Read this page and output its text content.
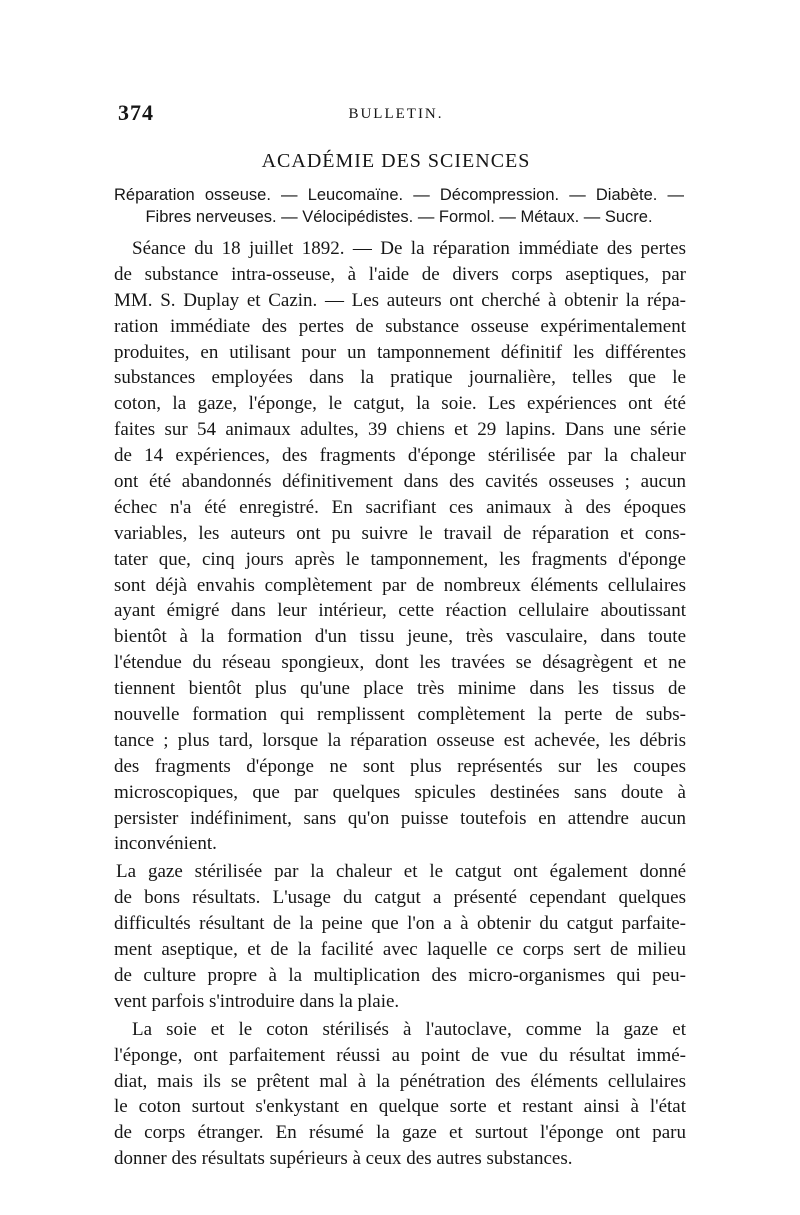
374	BULLETIN.
ACADÉMIE DES SCIENCES
Réparation osseuse. — Leucomaïne. — Décompression. — Diabète. —
Fibres nerveuses. — Vélocipédistes. — Formol. — Métaux. — Sucre.
Séance du 18 juillet 1892. — De la réparation immédiate des pertes
de substance intra-osseuse, à l'aide de divers corps aseptiques, par
MM. S. Duplay et Cazin. — Les auteurs ont cherché à obtenir la répa-
ration immédiate des pertes de substance osseuse expérimentalement
produites, en utilisant pour un tamponnement définitif les différentes
substances employées dans la pratique journalière, telles que le
coton, la gaze, l'éponge, le catgut, la soie. Les expériences ont été
faites sur 54 animaux adultes, 39 chiens et 29 lapins. Dans une série
de 14 expériences, des fragments d'éponge stérilisée par la chaleur
ont été abandonnés définitivement dans des cavités osseuses ; aucun
échec n'a été enregistré. En sacrifiant ces animaux à des époques
variables, les auteurs ont pu suivre le travail de réparation et cons-
tater que, cinq jours après le tamponnement, les fragments d'éponge
sont déjà envahis complètement par de nombreux éléments cellulaires
ayant émigré dans leur intérieur, cette réaction cellulaire aboutissant
bientôt à la formation d'un tissu jeune, très vasculaire, dans toute
l'étendue du réseau spongieux, dont les travées se désagrègent et ne
tiennent bientôt plus qu'une place très minime dans les tissus de
nouvelle formation qui remplissent complètement la perte de subs-
tance ; plus tard, lorsque la réparation osseuse est achevée, les débris
des fragments d'éponge ne sont plus représentés sur les coupes
microscopiques, que par quelques spicules destinées sans doute à
persister indéfiniment, sans qu'on puisse toutefois en attendre aucun
inconvénient.
La gaze stérilisée par la chaleur et le catgut ont également donné
de bons résultats. L'usage du catgut a présenté cependant quelques
difficultés résultant de la peine que l'on a à obtenir du catgut parfaite-
ment aseptique, et de la facilité avec laquelle ce corps sert de milieu
de culture propre à la multiplication des micro-organismes qui peu-
vent parfois s'introduire dans la plaie.
La soie et le coton stérilisés à l'autoclave, comme la gaze et
l'éponge, ont parfaitement réussi au point de vue du résultat immé-
diat, mais ils se prêtent mal à la pénétration des éléments cellulaires
le coton surtout s'enkystant en quelque sorte et restant ainsi à l'état
de corps étranger. En résumé la gaze et surtout l'éponge ont paru
donner des résultats supérieurs à ceux des autres substances.
